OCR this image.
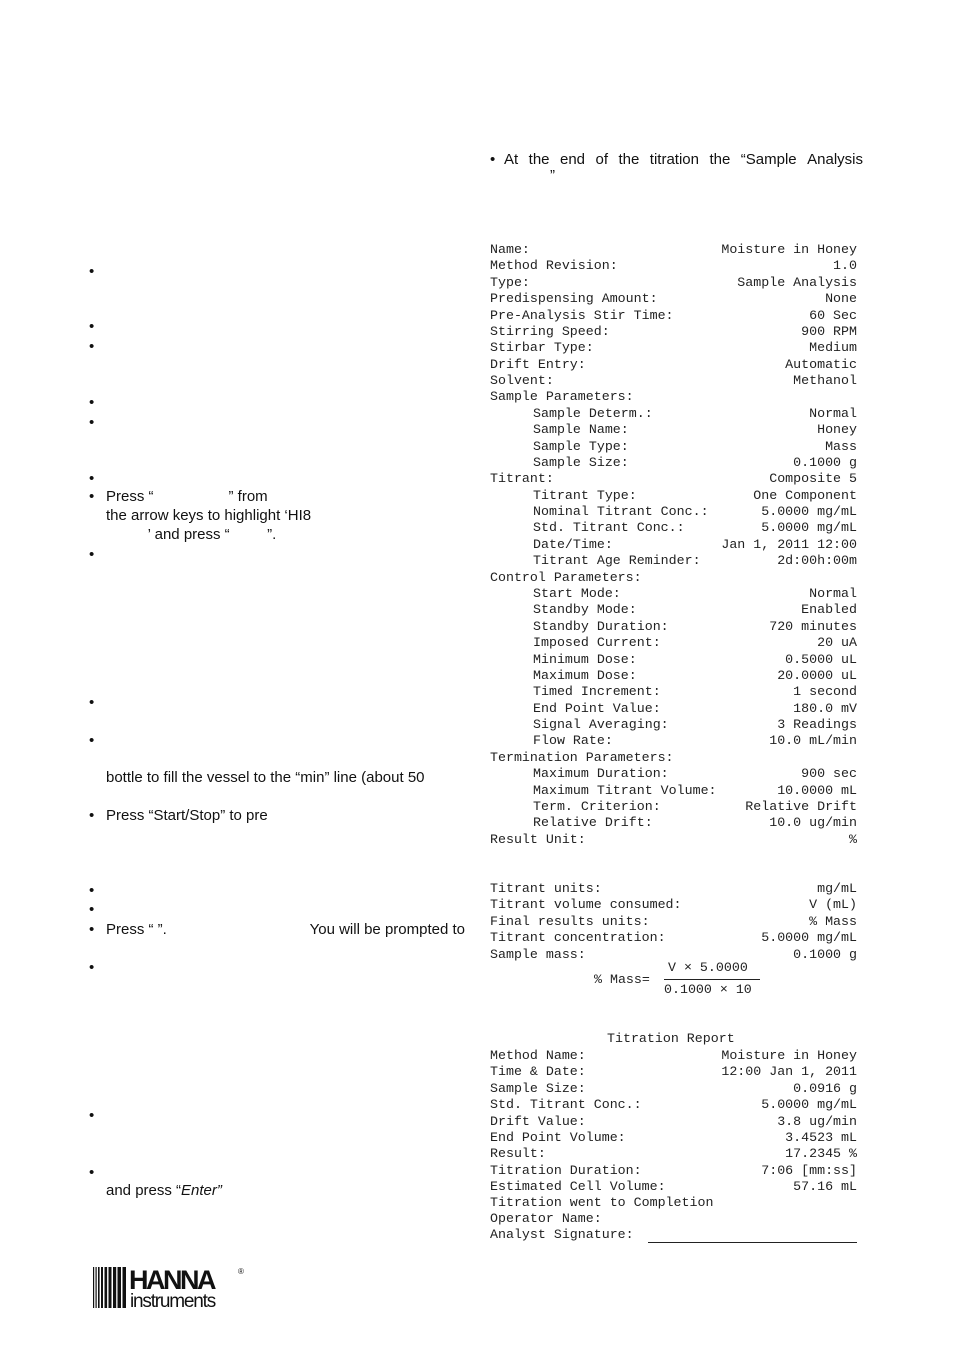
•
•
•
•
•
•
• Press “                  ” from
the arrow keys to highlight ‘HI8
’ and press “         ”.
•
•
•
bottle to fill the vessel to the “min” line (about 50
• Press “Start/Stop” to pre
•
•
• Press “ ”.	You will be prompted to
•
•
•
and press “Enter”
• At the end of the titration the “Sample Analysis
”
Name:	Moisture in Honey
Method Revision:	1.0
Type:	Sample Analysis
Predispensing Amount:	None
Pre-Analysis Stir Time:	60 Sec
Stirring Speed:	900 RPM
Stirbar Type:	Medium
Drift Entry:	Automatic
Solvent:	Methanol
Sample Parameters:
Sample Determ.:	Normal
Sample Name:	Honey
Sample Type:	Mass
Sample Size:	0.1000 g
Titrant:	Composite 5
Titrant Type:	One Component
Nominal Titrant Conc.:	5.0000 mg/mL
Std. Titrant Conc.:	5.0000 mg/mL
Date/Time:	Jan 1, 2011 12:00
Titrant Age Reminder:	2d:00h:00m
Control Parameters:
Start Mode:	Normal
Standby Mode:	Enabled
Standby Duration:	720 minutes
Imposed Current:	20 uA
Minimum Dose:	0.5000 uL
Maximum Dose:	20.0000 uL
Timed Increment:	1 second
End Point Value:	180.0 mV
Signal Averaging:	3 Readings
Flow Rate:	10.0 mL/min
Termination Parameters:
Maximum Duration:	900 sec
Maximum Titrant Volume:	10.0000 mL
Term. Criterion:	Relative Drift
Relative Drift:	10.0 ug/min
Result Unit:	%
Titrant units:	mg/mL
Titrant volume consumed:	V (mL)
Final results units:	% Mass
Titrant concentration:	5.0000 mg/mL
Sample mass:	0.1000 g
% Mass=
V × 5.0000
0.1000 × 10
Titration Report
Method Name:	Moisture in Honey
Time & Date:	12:00 Jan 1, 2011
Sample Size:	0.0916 g
Std. Titrant Conc.:	5.0000 mg/mL
Drift Value:	3.8 ug/min
End Point Volume:	3.4523 mL
Result:	17.2345 %
Titration Duration:	7:06 [mm:ss]
Estimated Cell Volume:	57.16 mL
Titration went to Completion
Operator Name:
Analyst Signature:
HANNA	®
instruments
